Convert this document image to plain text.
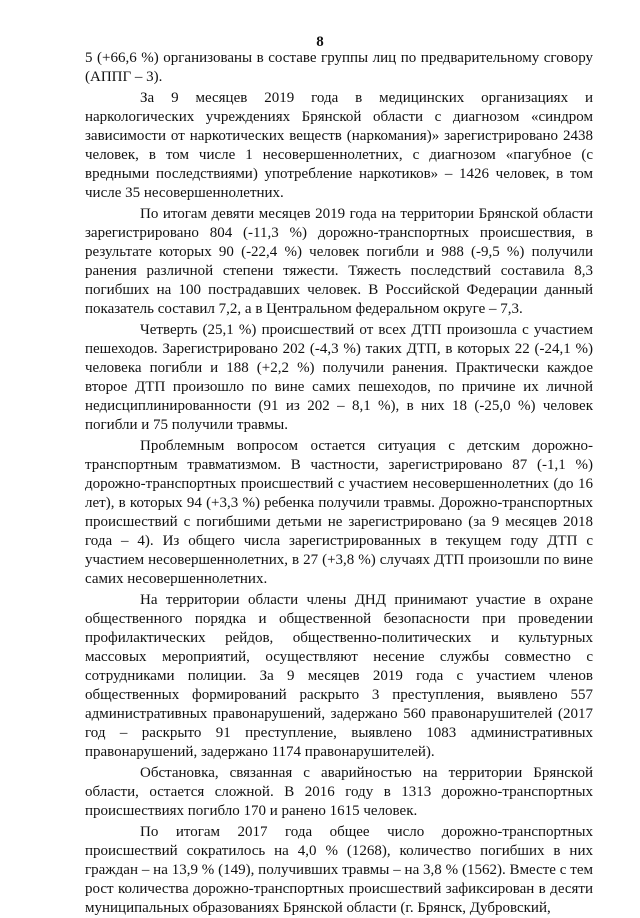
8

5 (+66,6 %) организованы в составе группы лиц по предварительному сговору (АППГ – 3).

За 9 месяцев 2019 года в медицинских организациях и наркологических учреждениях Брянской области с диагнозом «синдром зависимости от наркотических веществ (наркомания)» зарегистрировано 2438 человек, в том числе 1 несовершеннолетних, с диагнозом «пагубное (с вредными последствиями) употребление наркотиков» – 1426 человек, в том числе 35 несовершеннолетних.

По итогам девяти месяцев 2019 года на территории Брянской области зарегистрировано 804 (-11,3 %) дорожно-транспортных происшествия, в результате которых 90 (-22,4 %) человек погибли и 988 (-9,5 %) получили ранения различной степени тяжести. Тяжесть последствий составила 8,3 погибших на 100 пострадавших человек. В Российской Федерации данный показатель составил 7,2, а в Центральном федеральном округе – 7,3.

Четверть (25,1 %) происшествий от всех ДТП произошла с участием пешеходов. Зарегистрировано 202 (-4,3 %) таких ДТП, в которых 22 (-24,1 %) человека погибли и 188 (+2,2 %) получили ранения. Практически каждое второе ДТП произошло по вине самих пешеходов, по причине их личной недисциплинированности (91 из 202 – 8,1 %), в них 18 (-25,0 %) человек погибли и 75 получили травмы.

Проблемным вопросом остается ситуация с детским дорожно-транспортным травматизмом. В частности, зарегистрировано 87 (-1,1 %) дорожно-транспортных происшествий с участием несовершеннолетних (до 16 лет), в которых 94 (+3,3 %) ребенка получили травмы. Дорожно-транспортных происшествий с погибшими детьми не зарегистрировано (за 9 месяцев 2018 года – 4). Из общего числа зарегистрированных в текущем году ДТП с участием несовершеннолетних, в 27 (+3,8 %) случаях ДТП произошли по вине самих несовершеннолетних.

На территории области члены ДНД принимают участие в охране общественного порядка и общественной безопасности при проведении профилактических рейдов, общественно-политических и культурных массовых мероприятий, осуществляют несение службы совместно с сотрудниками полиции. За 9 месяцев 2019 года с участием членов общественных формирований раскрыто 3 преступления, выявлено 557 административных правонарушений, задержано 560 правонарушителей (2017 год – раскрыто 91 преступление, выявлено 1083 административных правонарушений, задержано 1174 правонарушителей).

Обстановка, связанная с аварийностью на территории Брянской области, остается сложной. В 2016 году в 1313 дорожно-транспортных происшествиях погибло 170 и ранено 1615 человек.

По итогам 2017 года общее число дорожно-транспортных происшествий сократилось на 4,0 % (1268), количество погибших в них граждан – на 13,9 % (149), получивших травмы – на 3,8 % (1562). Вместе с тем рост количества дорожно-транспортных происшествий зафиксирован в десяти муниципальных образованиях Брянской области (г. Брянск, Дубровский,
